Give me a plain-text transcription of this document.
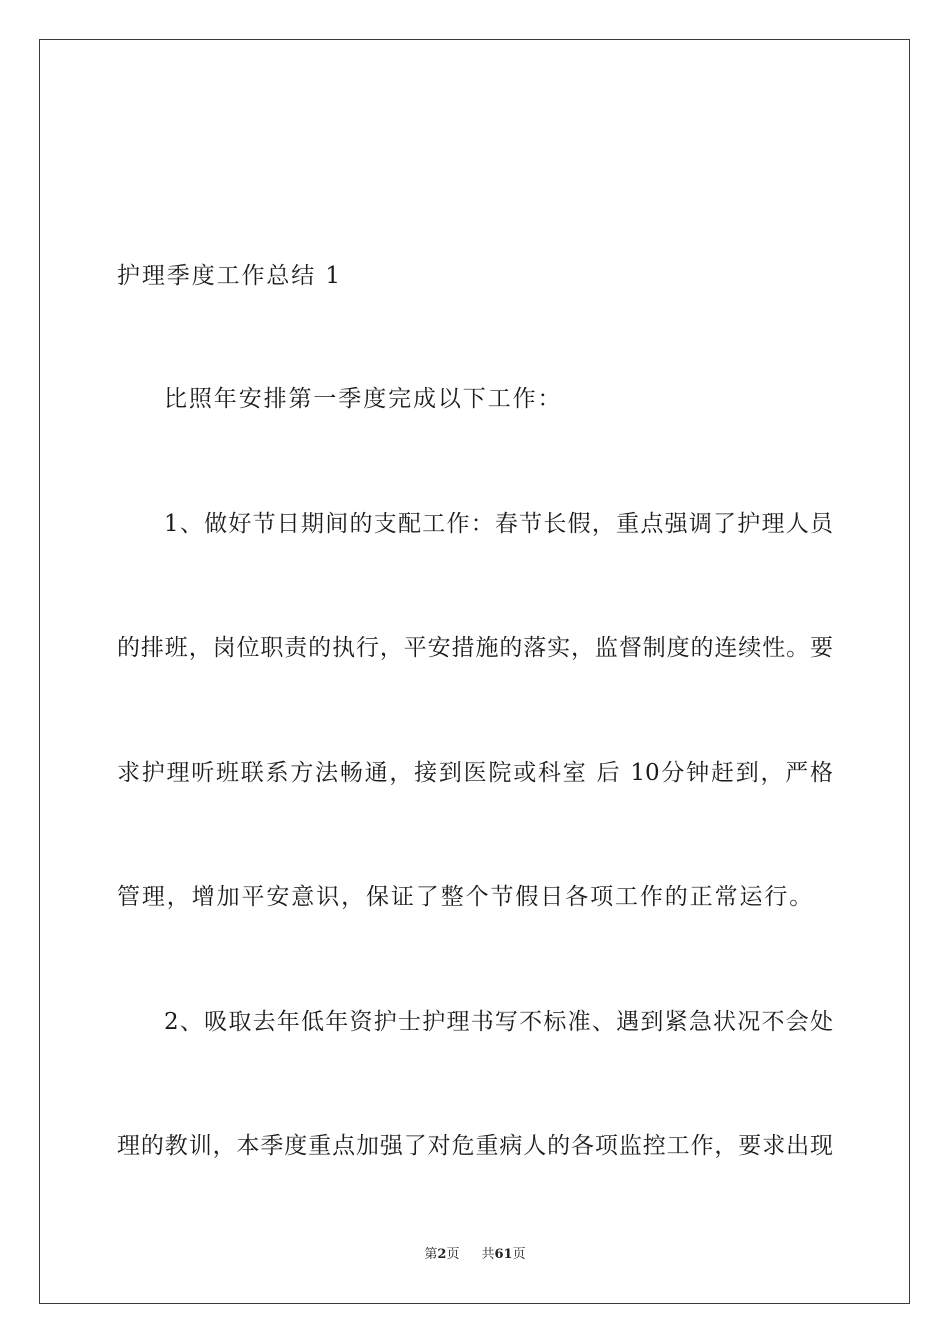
护理季度工作总结 1
比照年安排第一季度完成以下工作：
1、做好节日期间的支配工作：春节长假，重点强调了护理人员
的排班，岗位职责的执行，平安措施的落实，监督制度的连续性。要
求护理听班联系方法畅通，接到医院或科室 后 10分钟赶到，严格
管理，增加平安意识，保证了整个节假日各项工作的正常运行。
2、吸取去年低年资护士护理书写不标准、遇到紧急状况不会处
理的教训，本季度重点加强了对危重病人的各项监控工作，要求出现
第2页 共61页
